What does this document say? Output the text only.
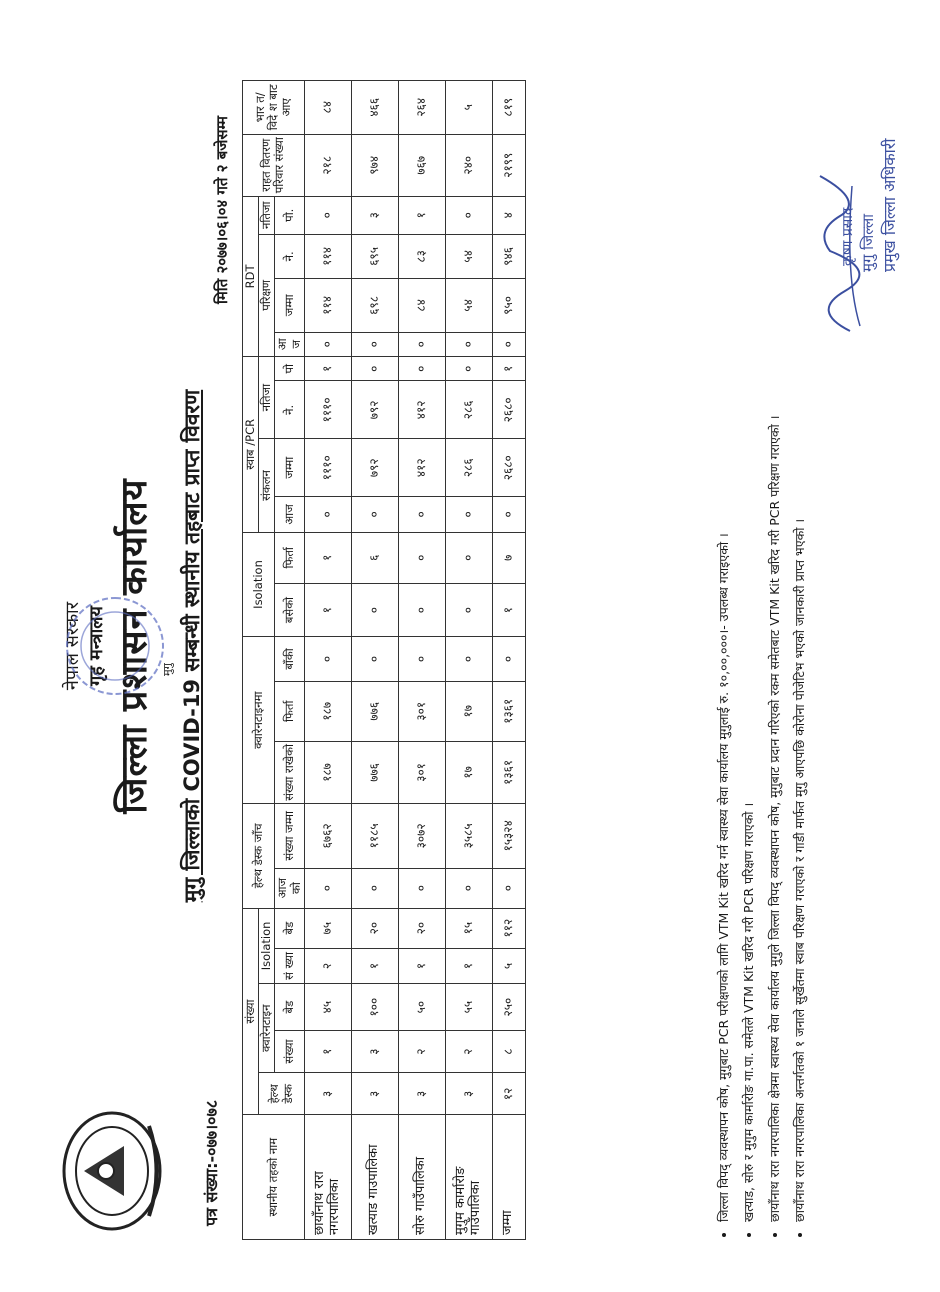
नेपाल सरकार गृह मन्त्रालय जिल्ला प्रशासन कार्यालय मुगु मुगु जिल्लाको COVID-19 सम्बन्धी स्थानीय तहबाट प्राप्त विवरण
पत्र संख्या:-०७७।०७८
मिति २०७७।०६।०४ गते २ बजेसम्म
स्थानीय तहको नाम	संख्या					हेल्थ डेस्क जाँच		क्वारेनटाइनमा			Isolation		स्वाब /PCR				RDT				राहत वितरण परिवार संख्या	भार त/ विदे श बाट आए
	हेल्थ डेस्क	क्वारेनटाइन		Isolation									संकलन		नतिजा		परिक्षण			नतिजा		
		संख्या	बेड	सं ख्या	बेड	आज को	संख्या जम्मा	संख्या राखेको	फिर्ता	बाँकी	बसेको	फिर्ता	आज	जम्मा	ने.	पो	आ ज	जम्मा	ने.	पो.		
छायाँनाथ रारा नगरपालिका	३	१	४५	२	७५	०	६७६२	१८७	१८७	०	१	१	०	१११०	१११०	१	०	११४	११४	०	२१८	८४
खत्याड गाउपालिका	३	३	१००	१	२०	०	११८५	७७६	७७६	०	०	६	०	७९२	७९२	०	०	६९८	६९५	३	९७४	४६६
सोरु गाउँपालिका	३	२	५०	१	२०	०	३०७२	३०१	३०१	०	०	०	०	४१२	४१२	०	०	८४	८३	१	७६७	२६४
मुगुम कार्मारोङ गाउँपालिका	३	२	५५	१	१५	०	३५८५	१७	१७	०	०	०	०	२८६	२८६	०	०	५४	५४	०	२४०	५
जम्मा	१२	८	२५०	५	११२	०	१५३२४	१३६१	१३६१	०	१	७	०	२६८०	२६८०	१	०	९५०	९४६	४	२१९९	८१९
• जिल्ला विपद् व्यवस्थापन कोष, मुगुबाट PCR परीक्षणको लागि VTM Kit खरिद गर्न स्वास्थ्य सेवा कार्यालय मुगुलाई रु. १०,००,०००।- उपलब्ध गराइएको । • खत्याड, सोरु र मुगुम कार्मारोङ गा.पा. समेतले VTM Kit खरिद गरी PCR परिक्षण गराएको । • छायाँनाथ रारा नगरपालिका क्षेत्रमा स्वास्थ्य सेवा कार्यालय मुगुले जिल्ला विपद् व्यवस्थापन कोष, मुगुबाट प्रदान गरिएको रकम समेतबाट VTM Kit खरिद गरी PCR परिक्षण गराएको । • छायाँनाथ रारा नगरपालिका अन्तर्गतको १ जनाले सुर्खेतमा स्वाब परिक्षण गराएको र गाडी मार्फत मुगु आएपछि कोरोना पोजेटिभ भएको जानकारी प्राप्त भएको ।
कृष्ण प्रसाद मुगु जिल्ला प्रमुख जिल्ला अधिकारी
